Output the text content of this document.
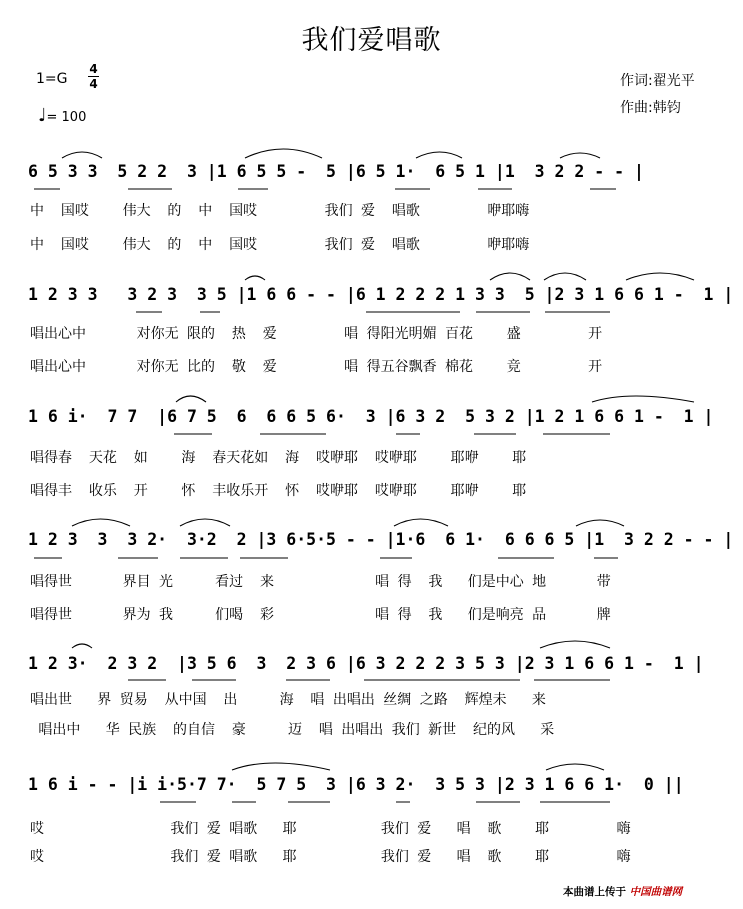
我们爱唱歌
1=G
4
4
♩= 100
作词:翟光平
作曲:韩钧
6 5 3 3  5 2 2  3 |1 6 5 5 -  5 |6 5 1·  6 5 1 |1  3 2 2 - - |
中  国哎    伟大  的  中  国哎        我们 爱  唱歌        咿耶嗨
中  国哎    伟大  的  中  国哎        我们 爱  唱歌        咿耶嗨
1 2 3 3   3 2 3  3 5 |1 6 6 - - |6 1 2 2 2 1 3 3  5 |2 3 1 6 6 1 -  1 |
唱出心中      对你无 限的  热  爱        唱 得阳光明媚 百花    盛        开
唱出心中      对你无 比的  敬  爱        唱 得五谷飘香 棉花    竞        开
1 6 i·  7 7  |6 7 5  6  6 6 5 6·  3 |6 3 2  5 3 2 |1 2 1 6 6 1 -  1 |
唱得春  天花  如    海  春天花如  海  哎咿耶  哎咿耶    耶咿    耶
唱得丰  收乐  开    怀  丰收乐开  怀  哎咿耶  哎咿耶    耶咿    耶
1 2 3  3  3 2·  3·2  2 |3 6·5·5 - - |1·6  6 1·  6 6 6 5 |1  3 2 2 - - |
唱得世      界目 光     看过  来            唱 得  我   们是中心 地      带
唱得世      界为 我     们喝  彩            唱 得  我   们是响亮 品      牌
1 2 3·  2 3 2  |3 5 6  3  2 3 6 |6 3 2 2 2 3 5 3 |2 3 1 6 6 1 -  1 |
唱出世   界 贸易  从中国  出     海  唱 出唱出 丝绸 之路  辉煌未   来
唱出中   华 民族  的自信  豪     迈  唱 出唱出 我们 新世  纪的风   采
1 6 i - - |i i·5·7 7·  5 7 5  3 |6 3 2·  3 5 3 |2 3 1 6 6 1·  0 ||
哎               我们 爱 唱歌   耶          我们 爱   唱  歌    耶        嗨
哎               我们 爱 唱歌   耶          我们 爱   唱  歌    耶        嗨
本曲谱上传于 中国曲谱网
